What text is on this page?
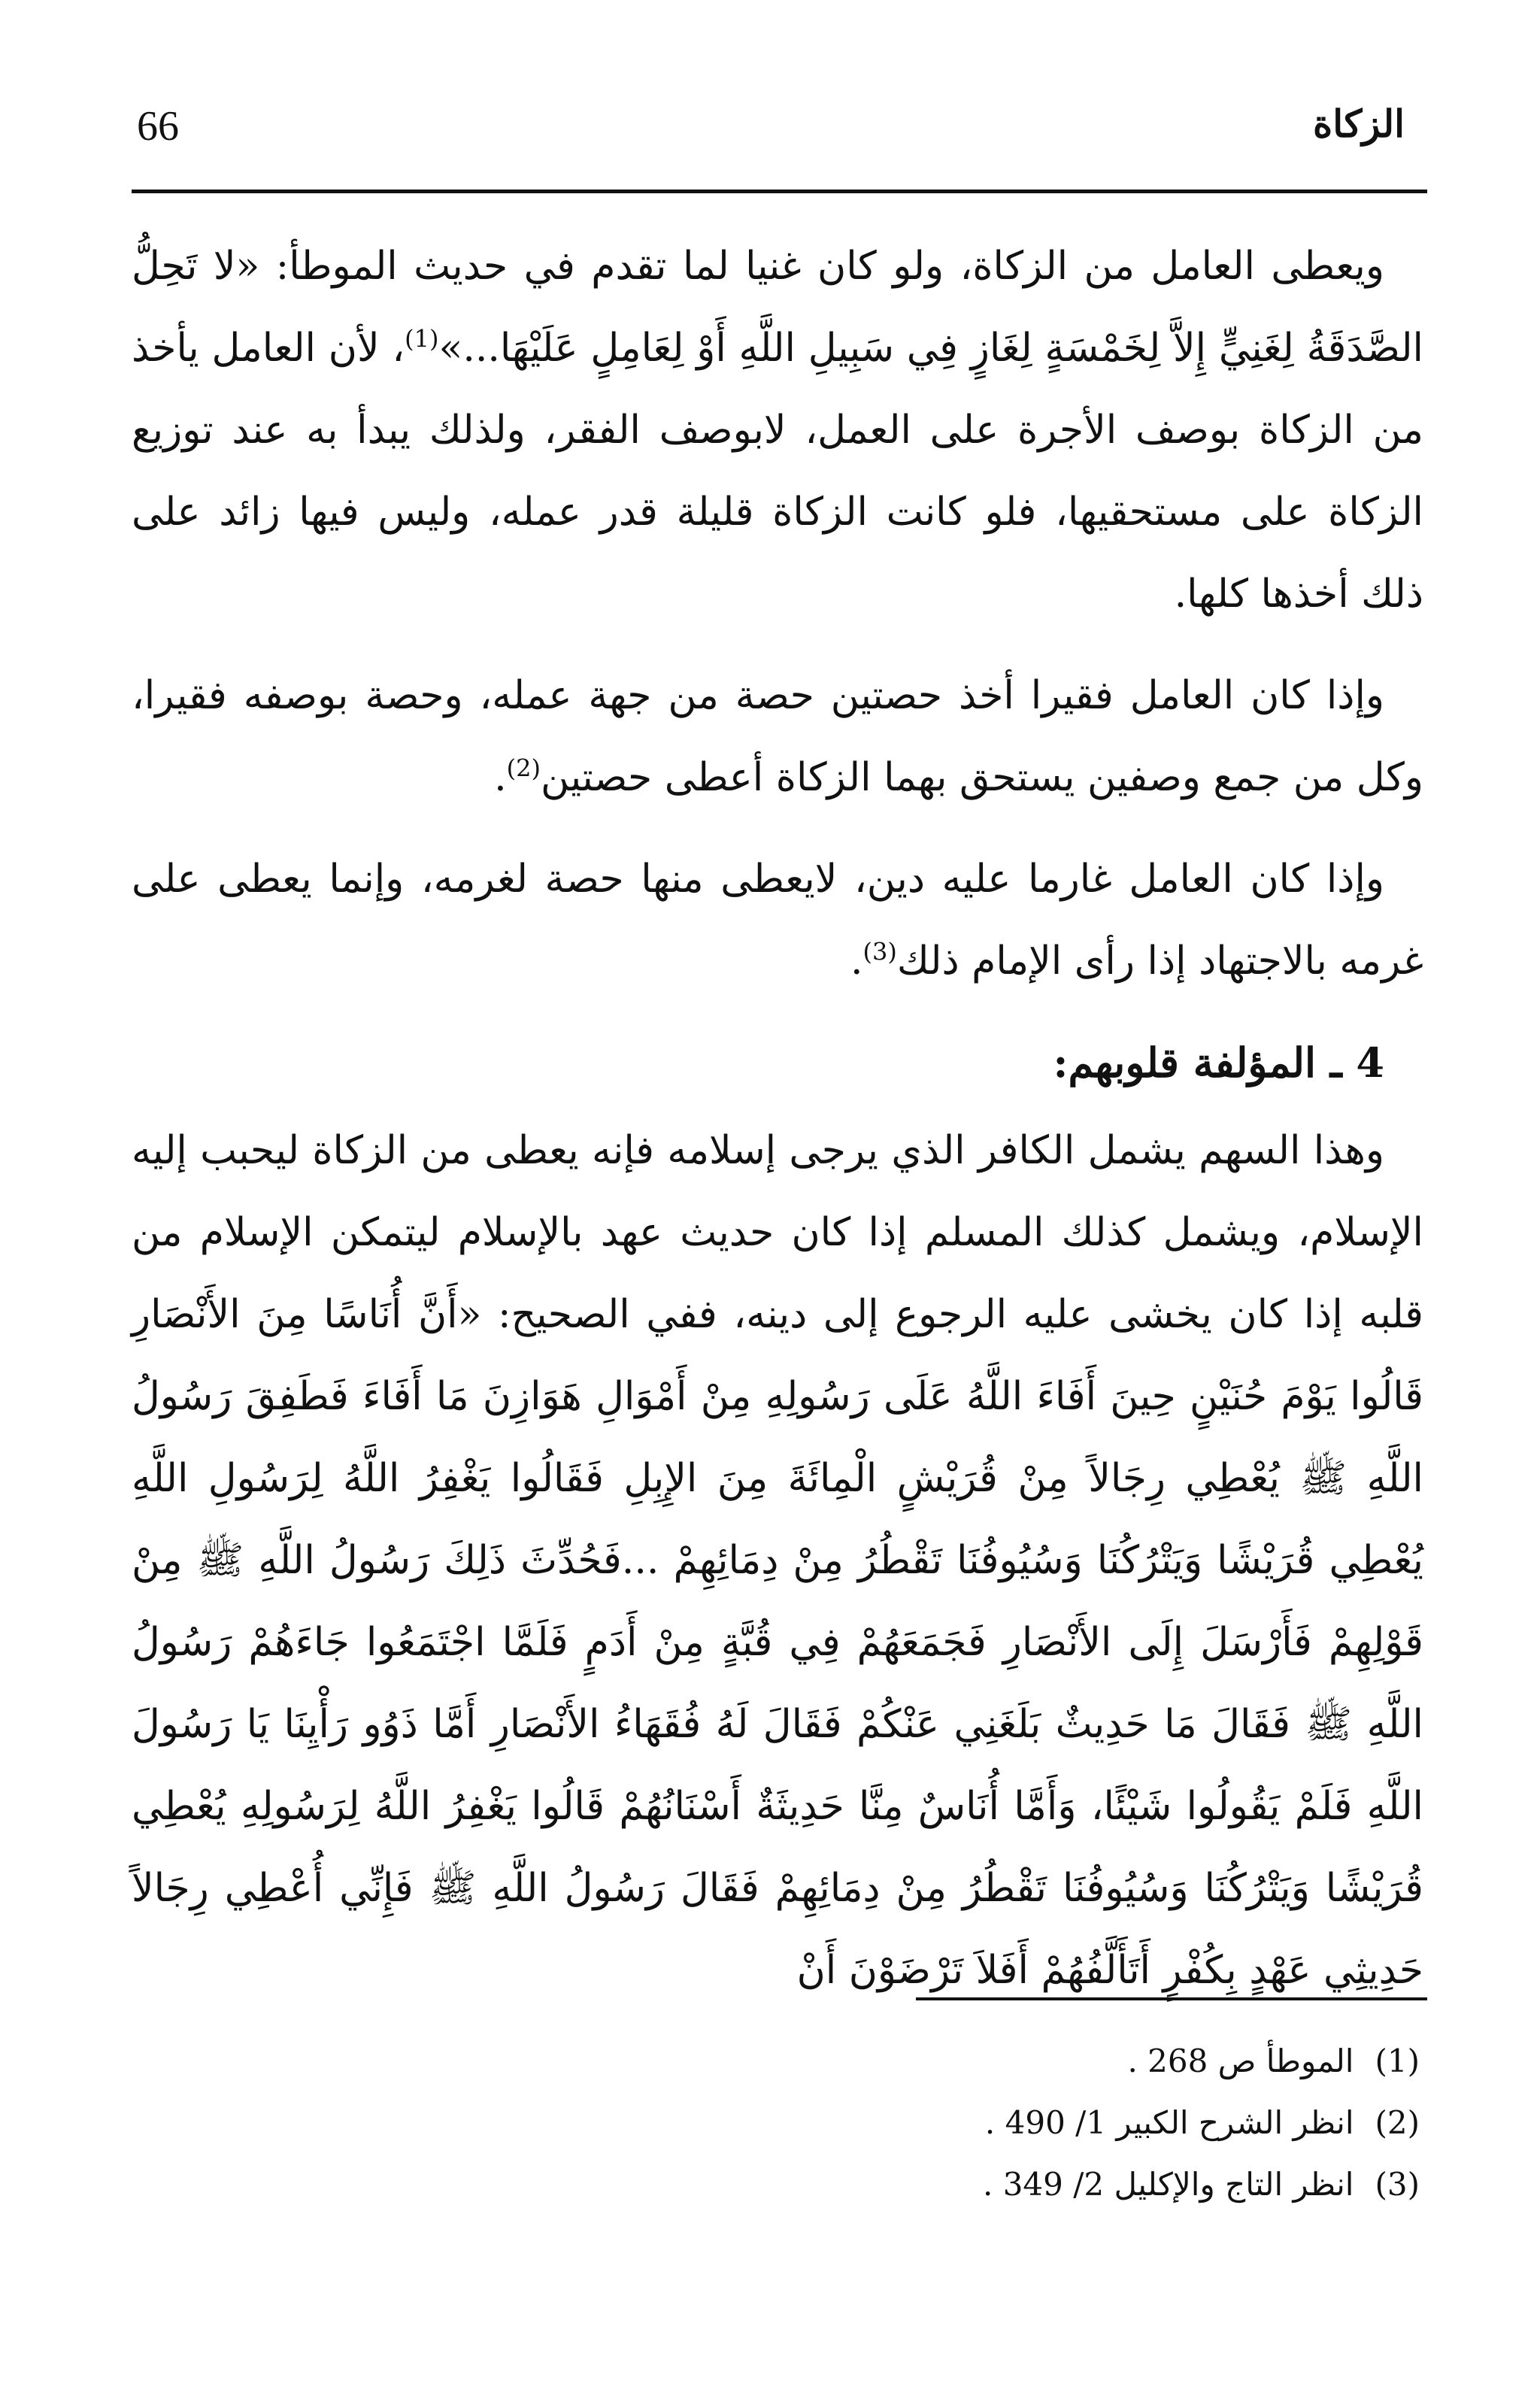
66	الزكاة

ويعطى العامل من الزكاة، ولو كان غنيا لما تقدم في حديث الموطأ: «لا تَحِلُّ الصَّدَقَةُ لِغَنِيٍّ إِلاَّ لِخَمْسَةٍ لِغَازٍ فِي سَبِيلِ اللَّهِ أَوْ لِعَامِلٍ عَلَيْهَا...»$^{(1)}$، لأن العامل يأخذ من الزكاة بوصف الأجرة على العمل، لابوصف الفقر، ولذلك يبدأ به عند توزيع الزكاة على مستحقيها، فلو كانت الزكاة قليلة قدر عمله، وليس فيها زائد على ذلك أخذها كلها.

وإذا كان العامل فقيرا أخذ حصتين حصة من جهة عمله، وحصة بوصفه فقيرا، وكل من جمع وصفين يستحق بهما الزكاة أعطى حصتين$^{(2)}$.

وإذا كان العامل غارما عليه دين، لايعطى منها حصة لغرمه، وإنما يعطى على غرمه بالاجتهاد إذا رأى الإمام ذلك$^{(3)}$.

4 ـ المؤلفة قلوبهم:

وهذا السهم يشمل الكافر الذي يرجى إسلامه فإنه يعطى من الزكاة ليحبب إليه الإسلام، ويشمل كذلك المسلم إذا كان حديث عهد بالإسلام ليتمكن الإسلام من قلبه إذا كان يخشى عليه الرجوع إلى دينه، ففي الصحيح: «أَنَّ أُنَاسًا مِنَ الأَنْصَارِ قَالُوا يَوْمَ حُنَيْنٍ حِينَ أَفَاءَ اللَّهُ عَلَى رَسُولِهِ مِنْ أَمْوَالِ هَوَازِنَ مَا أَفَاءَ فَطَفِقَ رَسُولُ اللَّهِ ﷺ يُعْطِي رِجَالاً مِنْ قُرَيْشٍ الْمِائَةَ مِنَ الإِبِلِ فَقَالُوا يَغْفِرُ اللَّهُ لِرَسُولِ اللَّهِ يُعْطِي قُرَيْشًا وَيَتْرُكُنَا وَسُيُوفُنَا تَقْطُرُ مِنْ دِمَائِهِمْ ...فَحُدِّثَ ذَلِكَ رَسُولُ اللَّهِ ﷺ مِنْ قَوْلِهِمْ فَأَرْسَلَ إِلَى الأَنْصَارِ فَجَمَعَهُمْ فِي قُبَّةٍ مِنْ أَدَمٍ فَلَمَّا اجْتَمَعُوا جَاءَهُمْ رَسُولُ اللَّهِ ﷺ فَقَالَ مَا حَدِيثٌ بَلَغَنِي عَنْكُمْ فَقَالَ لَهُ فُقَهَاءُ الأَنْصَارِ أَمَّا ذَوُو رَأْيِنَا يَا رَسُولَ اللَّهِ فَلَمْ يَقُولُوا شَيْئًا، وَأَمَّا أُنَاسٌ مِنَّا حَدِيثَةٌ أَسْنَانُهُمْ قَالُوا يَغْفِرُ اللَّهُ لِرَسُولِهِ يُعْطِي قُرَيْشًا وَيَتْرُكُنَا وَسُيُوفُنَا تَقْطُرُ مِنْ دِمَائِهِمْ فَقَالَ رَسُولُ اللَّهِ ﷺ فَإِنِّي أُعْطِي رِجَالاً حَدِيثِي عَهْدٍ بِكُفْرٍ أَتَأَلَّفُهُمْ أَفَلاَ تَرْضَوْنَ أَنْ

(1)الموطأ ص 268 .
(2)انظر الشرح الكبير 1/ 490 .
(3)انظر التاج والإكليل 2/ 349 .
